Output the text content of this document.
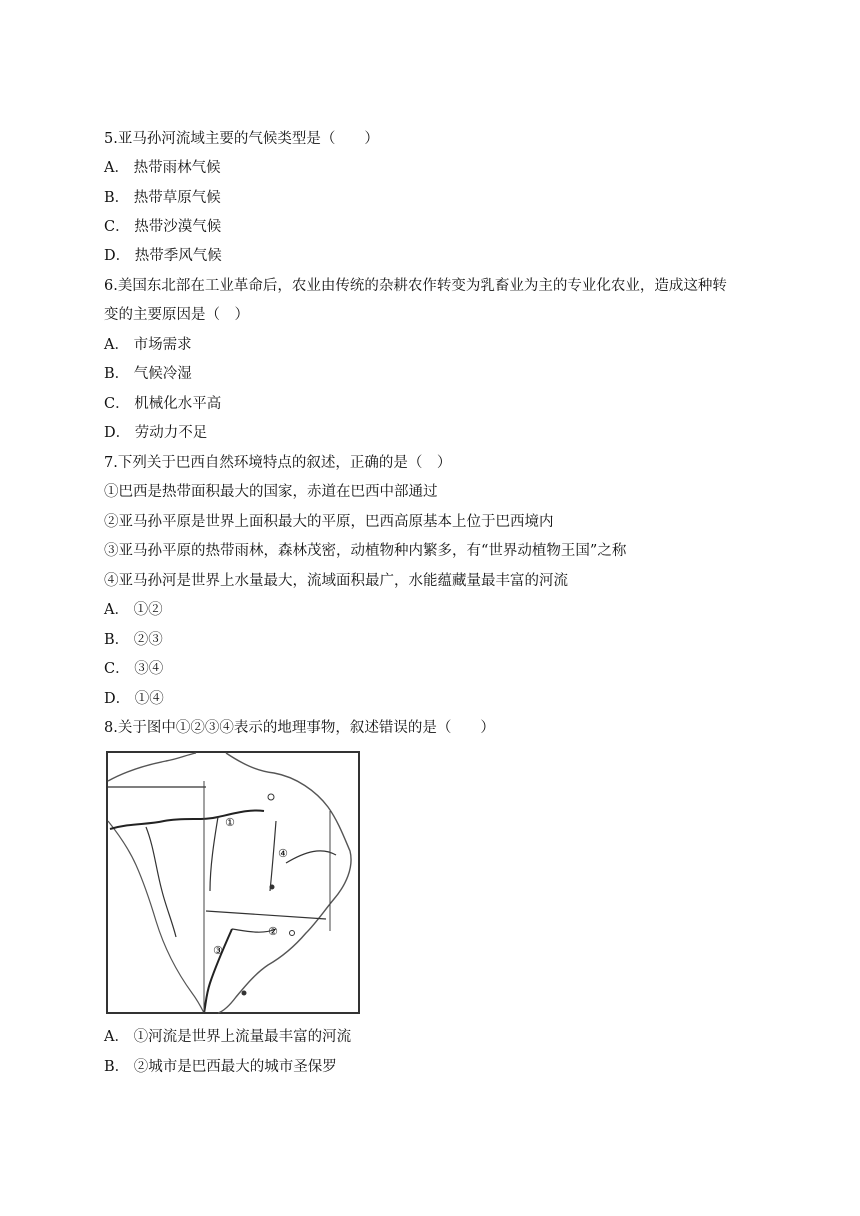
5.亚马孙河流域主要的气候类型是（　　）
A． 热带雨林气候
B． 热带草原气候
C． 热带沙漠气候
D． 热带季风气候
6.美国东北部在工业革命后，农业由传统的杂耕农作转变为乳畜业为主的专业化农业，造成这种转
变的主要原因是（　）
A． 市场需求
B． 气候冷湿
C． 机械化水平高
D． 劳动力不足
7.下列关于巴西自然环境特点的叙述，正确的是（　）
①巴西是热带面积最大的国家，赤道在巴西中部通过
②亚马孙平原是世界上面积最大的平原，巴西高原基本上位于巴西境内
③亚马孙平原的热带雨林，森林茂密，动植物种内繁多，有“世界动植物王国”之称
④亚马孙河是世界上水量最大，流域面积最广，水能蕴藏量最丰富的河流
A． ①②
B． ②③
C． ③④
D． ①④
8.关于图中①②③④表示的地理事物，叙述错误的是（　　）
①
②
③
④
A． ①河流是世界上流量最丰富的河流
B． ②城市是巴西最大的城市圣保罗
